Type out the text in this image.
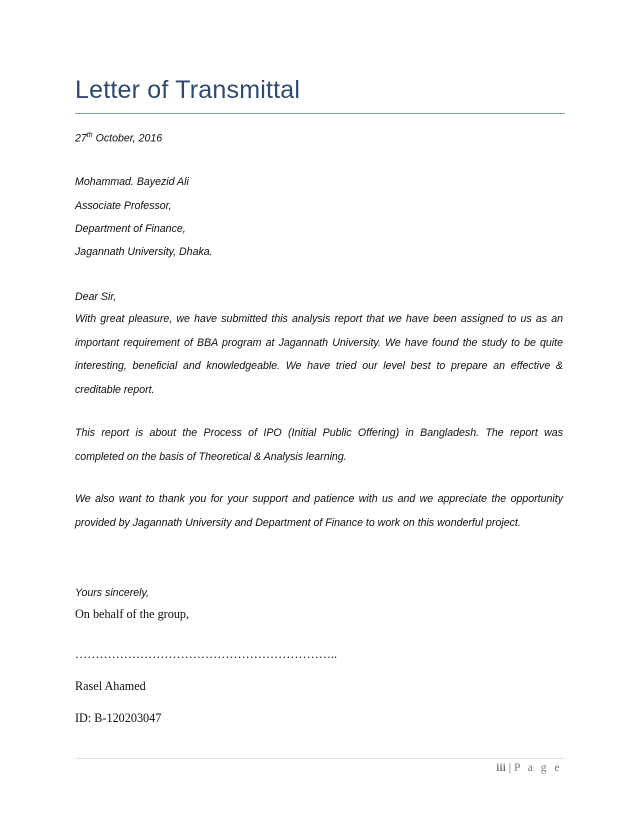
Letter of Transmittal

27th October, 2016

Mohammad. Bayezid Ali

Associate Professor,

Department of Finance,

Jagannath University, Dhaka.

Dear Sir,

With great pleasure, we have submitted this analysis report that we have been assigned to us as an important requirement of BBA program at Jagannath University. We have found the study to be quite interesting, beneficial and knowledgeable. We have tried our level best to prepare an effective & creditable report.

This report is about the Process of IPO (Initial Public Offering) in Bangladesh. The report was completed on the basis of Theoretical & Analysis learning.

We also want to thank you for your support and patience with us and we appreciate the opportunity provided by Jagannath University and Department of Finance to work on this wonderful project.

Yours sincerely,

On behalf of the group,

………………………………………………………..

Rasel Ahamed

ID: B-120203047

iii | P a g e
